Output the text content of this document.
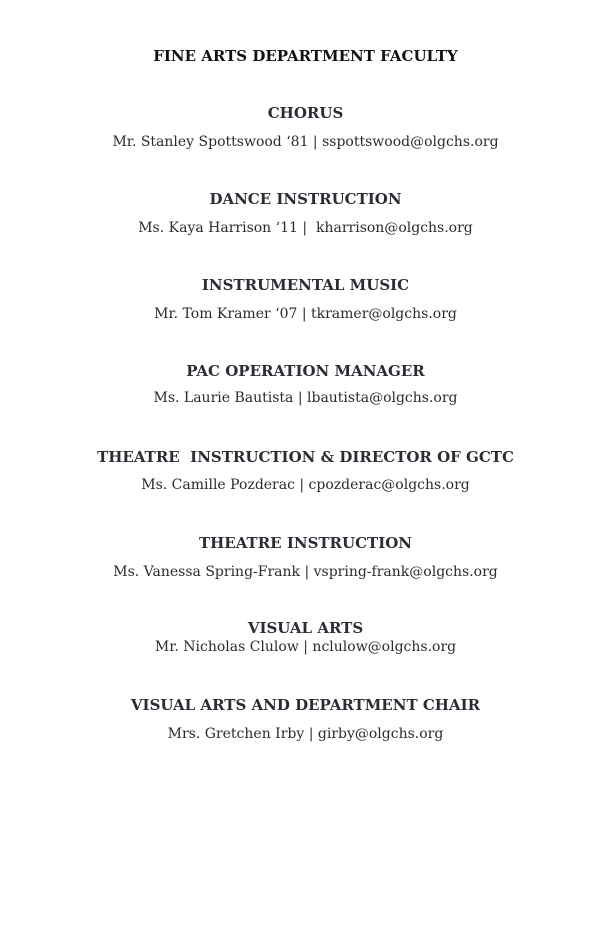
FINE ARTS DEPARTMENT FACULTY
CHORUS
Mr. Stanley Spottswood ‘81 | sspottswood@olgchs.org
DANCE INSTRUCTION
Ms. Kaya Harrison ‘11 |  kharrison@olgchs.org
INSTRUMENTAL MUSIC
Mr. Tom Kramer ‘07 | tkramer@olgchs.org
PAC OPERATION MANAGER
Ms. Laurie Bautista | lbautista@olgchs.org
THEATRE  INSTRUCTION & DIRECTOR OF GCTC
Ms. Camille Pozderac | cpozderac@olgchs.org
THEATRE INSTRUCTION
Ms. Vanessa Spring-Frank | vspring-frank@olgchs.org
VISUAL ARTS
Mr. Nicholas Clulow | nclulow@olgchs.org
VISUAL ARTS AND DEPARTMENT CHAIR
Mrs. Gretchen Irby | girby@olgchs.org
